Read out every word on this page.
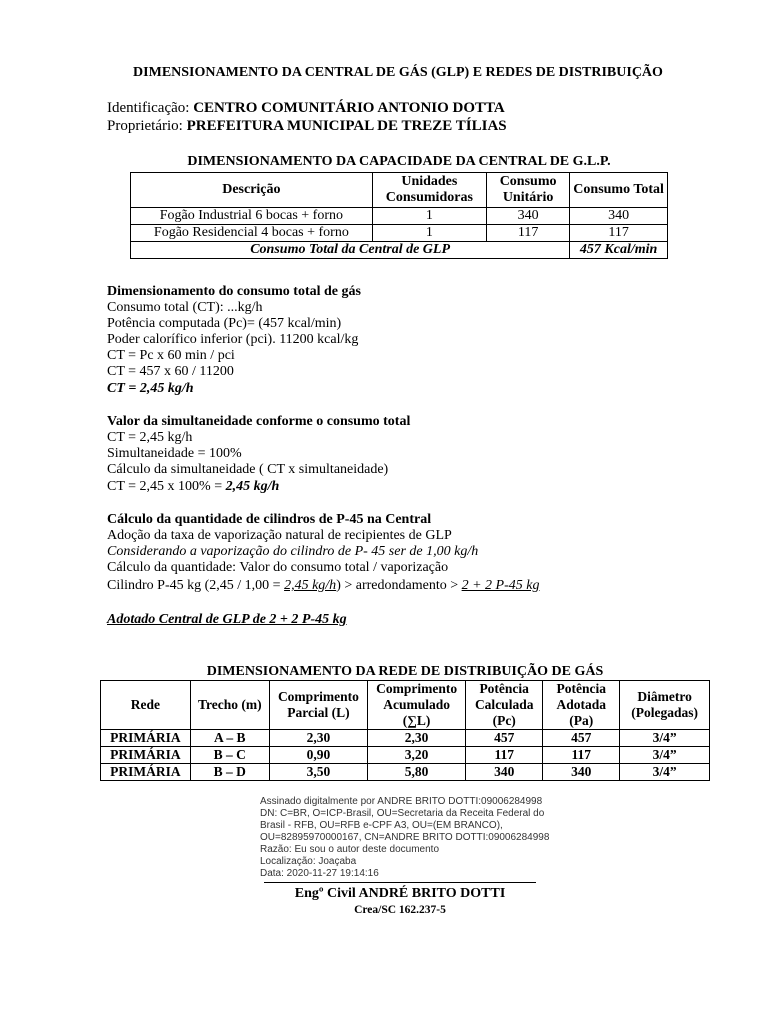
DIMENSIONAMENTO DA CENTRAL DE GÁS (GLP) E REDES DE DISTRIBUIÇÃO
Identificação: CENTRO COMUNITÁRIO ANTONIO DOTTA
Proprietário: PREFEITURA MUNICIPAL DE TREZE TÍLIAS
DIMENSIONAMENTO DA CAPACIDADE DA CENTRAL DE G.L.P.
Descrição	Unidades Consumidoras	Consumo Unitário	Consumo Total
Fogão Industrial 6 bocas + forno	1	340	340
Fogão Residencial 4 bocas + forno	1	117	117
Consumo Total da Central de GLP			457 Kcal/min
Dimensionamento do consumo total de gás
Consumo total (CT): ...kg/h
Potência computada (Pc)= (457 kcal/min)
Poder calorífico inferior (pci). 11200 kcal/kg
CT = Pc x 60 min / pci
CT = 457 x 60 / 11200
CT = 2,45 kg/h
Valor da simultaneidade conforme o consumo total
CT = 2,45 kg/h
Simultaneidade = 100%
Cálculo da simultaneidade ( CT x simultaneidade)
CT = 2,45 x 100% = 2,45 kg/h
Cálculo da quantidade de cilindros de P-45 na Central
Adoção da taxa de vaporização natural de recipientes de GLP
Considerando a vaporização do cilindro de P- 45 ser de 1,00 kg/h
Cálculo da quantidade: Valor do consumo total / vaporização
Cilindro P-45 kg (2,45 / 1,00 = 2,45 kg/h) > arredondamento > 2 + 2 P-45 kg
Adotado Central de GLP de 2 + 2 P-45 kg
DIMENSIONAMENTO DA REDE DE DISTRIBUIÇÃO DE GÁS
Rede	Trecho (m)	Comprimento Parcial (L)	Comprimento Acumulado (∑L)	Potência Calculada (Pc)	Potência Adotada (Pa)	Diâmetro (Polegadas)
PRIMÁRIA	A – B	2,30	2,30	457	457	3/4”
PRIMÁRIA	B – C	0,90	3,20	117	117	3/4”
PRIMÁRIA	B – D	3,50	5,80	340	340	3/4”
Assinado digitalmente por ANDRE BRITO DOTTI:09006284998
DN: C=BR, O=ICP-Brasil, OU=Secretaria da Receita Federal do
Brasil - RFB, OU=RFB e-CPF A3, OU=(EM BRANCO),
OU=82895970000167, CN=ANDRE BRITO DOTTI:09006284998
Razão: Eu sou o autor deste documento
Localização: Joaçaba
Data: 2020-11-27 19:14:16
Engº Civil ANDRÉ BRITO DOTTI
Crea/SC 162.237-5
